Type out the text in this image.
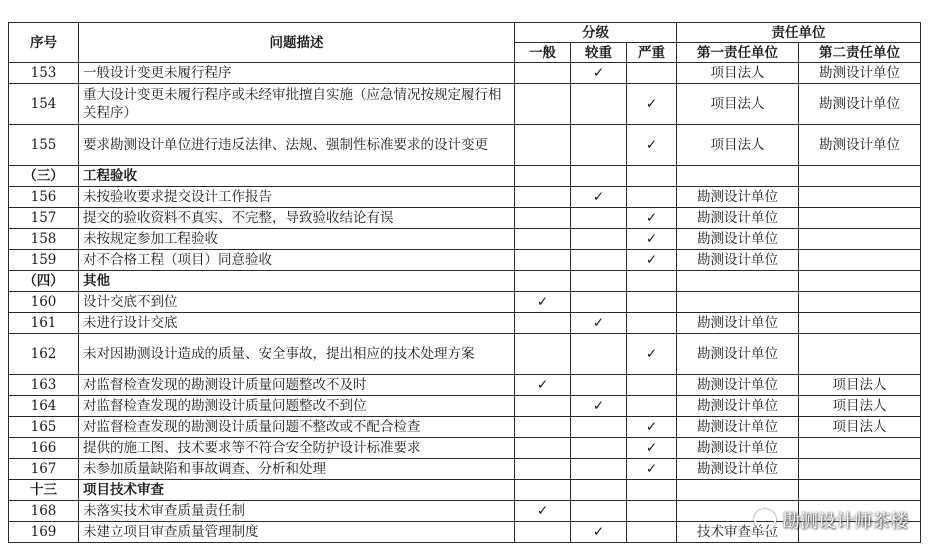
序号	问题描述	分级			责任单位	
		一般	较重	严重	第一责任单位	第二责任单位
153	一般设计变更未履行程序		✓		项目法人	勘测设计单位
154	重大设计变更未履行程序或未经审批擅自实施（应急情况按规定履行相关程序）			✓	项目法人	勘测设计单位
155	要求勘测设计单位进行违反法律、法规、强制性标准要求的设计变更			✓	项目法人	勘测设计单位
（三）	工程验收					
156	未按验收要求提交设计工作报告		✓		勘测设计单位	
157	提交的验收资料不真实、不完整，导致验收结论有误			✓	勘测设计单位	
158	未按规定参加工程验收			✓	勘测设计单位	
159	对不合格工程（项目）同意验收			✓	勘测设计单位	
（四）	其他					
160	设计交底不到位	✓				
161	未进行设计交底		✓		勘测设计单位	
162	未对因勘测设计造成的质量、安全事故，提出相应的技术处理方案			✓	勘测设计单位	
163	对监督检查发现的勘测设计质量问题整改不及时	✓			勘测设计单位	项目法人
164	对监督检查发现的勘测设计质量问题整改不到位		✓		勘测设计单位	项目法人
165	对监督检查发现的勘测设计质量问题不整改或不配合检查			✓	勘测设计单位	项目法人
166	提供的施工图、技术要求等不符合安全防护设计标准要求			✓	勘测设计单位	
167	未参加质量缺陷和事故调查、分析和处理			✓	勘测设计单位	
十三	项目技术审查					
168	未落实技术审查质量责任制	✓				
169	未建立项目审查质量管理制度		✓		技术审查单位	勘测设计师茶楼
